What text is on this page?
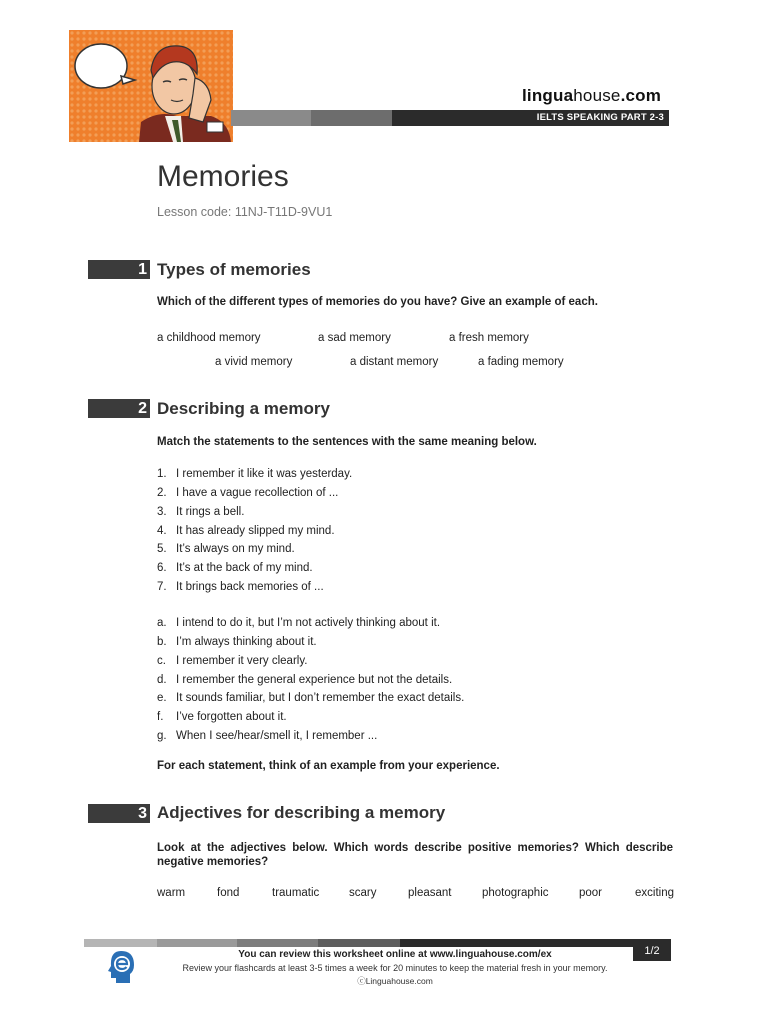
linguahouse.com
IELTS SPEAKING PART 2-3
Memories
Lesson code: 11NJ-T11D-9VU1
1 Types of memories
Which of the different types of memories do you have? Give an example of each.
a childhood memory	a sad memory	a fresh memory
a vivid memory	a distant memory	a fading memory
2 Describing a memory
Match the statements to the sentences with the same meaning below.
1. I remember it like it was yesterday.
2. I have a vague recollection of ...
3. It rings a bell.
4. It has already slipped my mind.
5. It’s always on my mind.
6. It’s at the back of my mind.
7. It brings back memories of ...
a. I intend to do it, but I’m not actively thinking about it.
b. I’m always thinking about it.
c. I remember it very clearly.
d. I remember the general experience but not the details.
e. It sounds familiar, but I don’t remember the exact details.
f.	I’ve forgotten about it.
g. When I see/hear/smell it, I remember ...
For each statement, think of an example from your experience.
3 Adjectives for describing a memory
Look at the adjectives below. Which words describe positive memories? Which describe negative memories?
warm	fond	traumatic	scary	pleasant	photographic	poor	exciting
1/2
You can review this worksheet online at www.linguahouse.com/ex
Review your flashcards at least 3-5 times a week for 20 minutes to keep the material fresh in your memory.
ⓒLinguahouse.com
